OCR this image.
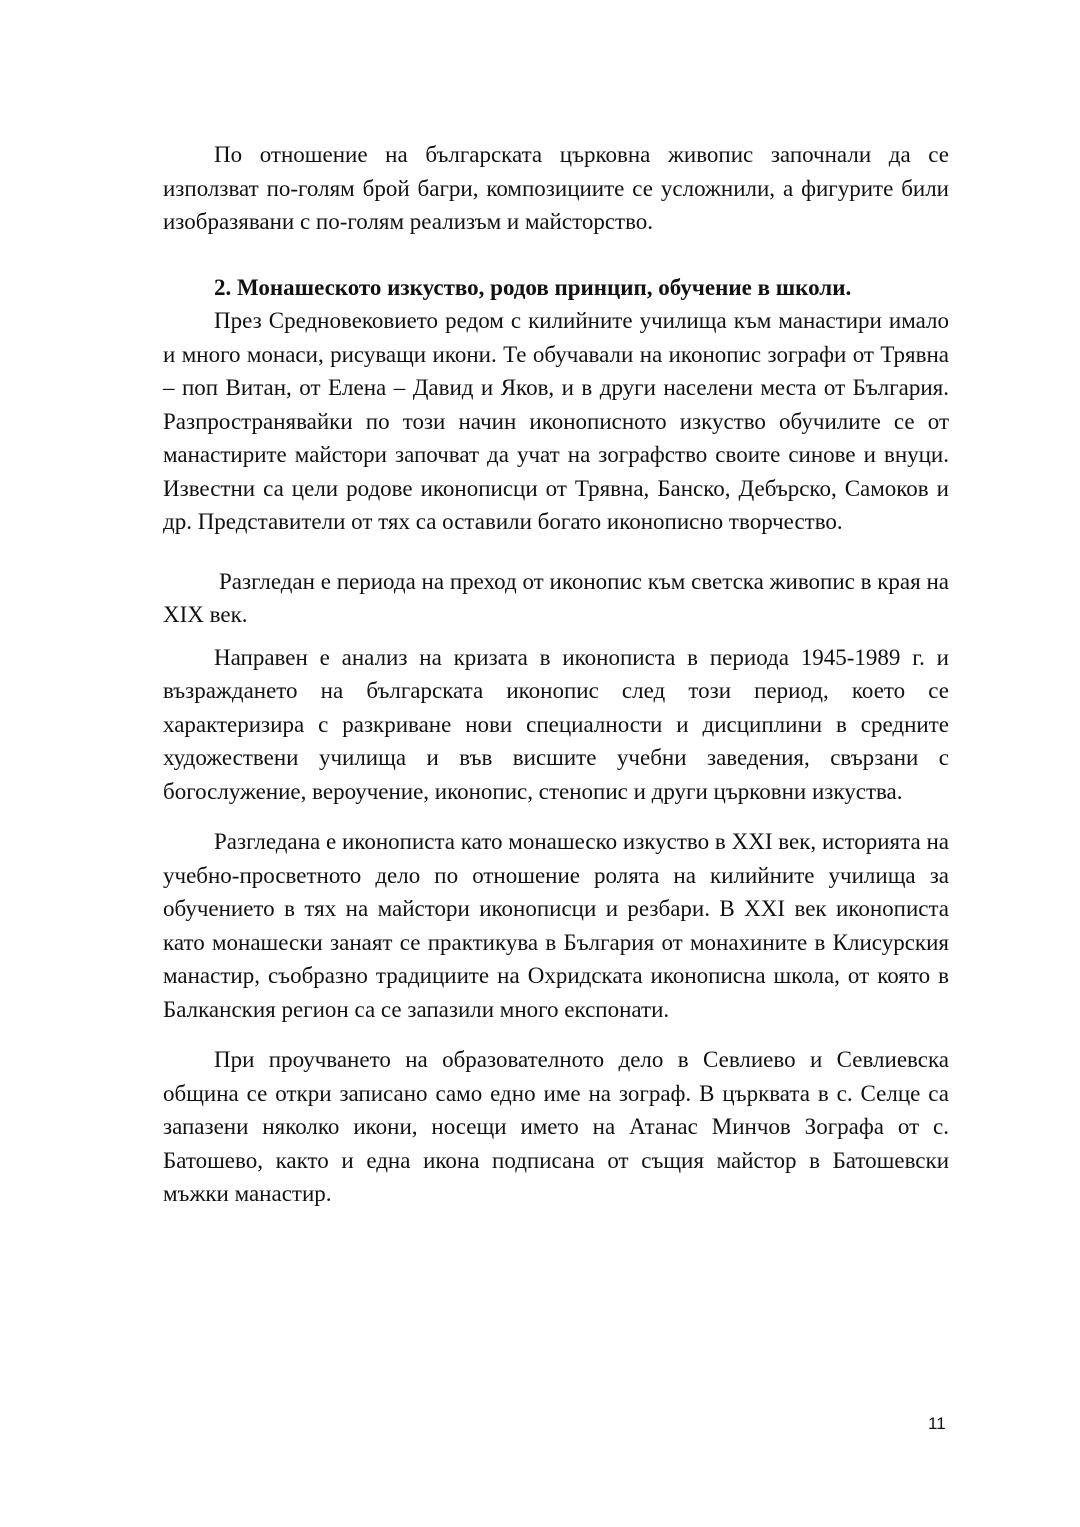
По отношение на българската църковна живопис започнали да се използват по-голям брой багри, композициите се усложнили, а фигурите били изобразявани с по-голям реализъм и майсторство.

2. Монашеското изкуство, родов принцип, обучение в школи.

През Средновековието редом с килийните училища към манастири имало и много монаси, рисуващи икони. Те обучавали на иконопис зографи от Трявна – поп Витан, от Елена – Давид и Яков, и в други населени места от България. Разпространявайки по този начин иконописното изкуство обучилите се от манастирите майстори започват да учат на зографство своите синове и внуци. Известни са цели родове иконописци от Трявна, Банско, Дебърско, Самоков и др. Представители от тях са оставили богато иконописно творчество.

Разгледан е периода на преход от иконопис към светска живопис в края на XIX век.

Направен е анализ на кризата в иконописта в периода 1945-1989 г. и възраждането на българската иконопис след този период, което се характеризира с разкриване нови специалности и дисциплини в средните художествени училища и във висшите учебни заведения, свързани с богослужение, вероучение, иконопис, стенопис и други църковни изкуства.

Разгледана е иконописта като монашеско изкуство в XXI век, историята на учебно-просветното дело по отношение ролята на килийните училища за обучението в тях на майстори иконописци и резбари. В XXI век иконописта като монашески занаят се практикува в България от монахините в Клисурския манастир, съобразно традициите на Охридската иконописна школа, от която в Балканския регион са се запазили много експонати.

При проучването на образователното дело в Севлиево и Севлиевска община се откри записано само едно име на зограф. В църквата в с. Селце са запазени няколко икони, носещи името на Атанас Минчов Зографа от с. Батошево, както и една икона подписана от същия майстор в Батошевски мъжки манастир.

11
